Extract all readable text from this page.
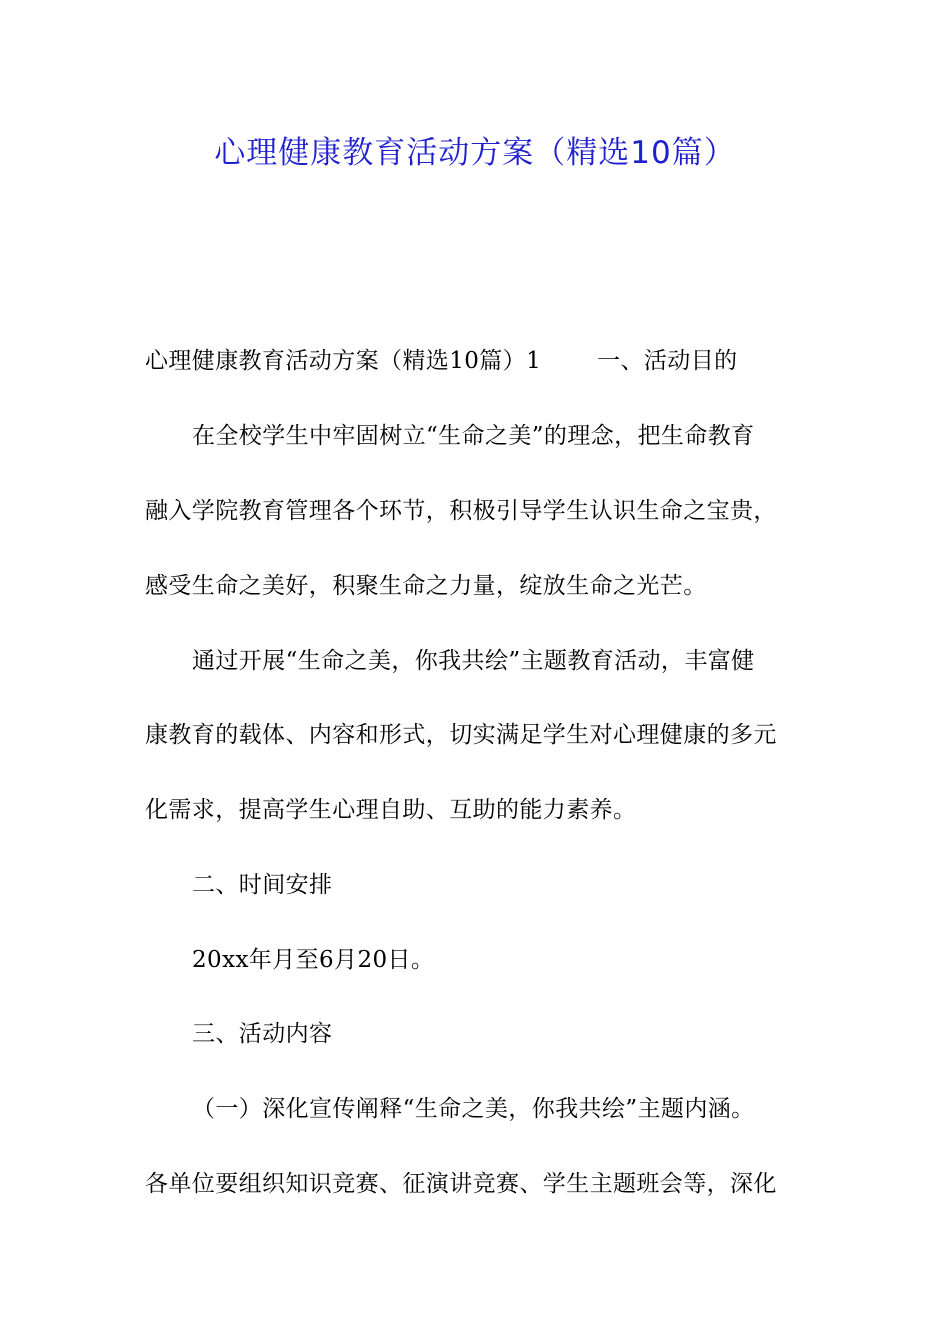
心理健康教育活动方案（精选10篇）
心理健康教育活动方案（精选10篇）1 一、活动目的
在全校学生中牢固树立“生命之美”的理念，把生命教育
融入学院教育管理各个环节，积极引导学生认识生命之宝贵，
感受生命之美好，积聚生命之力量，绽放生命之光芒。
通过开展“生命之美，你我共绘”主题教育活动，丰富健
康教育的载体、内容和形式，切实满足学生对心理健康的多元
化需求，提高学生心理自助、互助的能力素养。
二、时间安排
20xx年月至6月20日。
三、活动内容
（一）深化宣传阐释“生命之美，你我共绘”主题内涵。
各单位要组织知识竞赛、征演讲竞赛、学生主题班会等，深化
